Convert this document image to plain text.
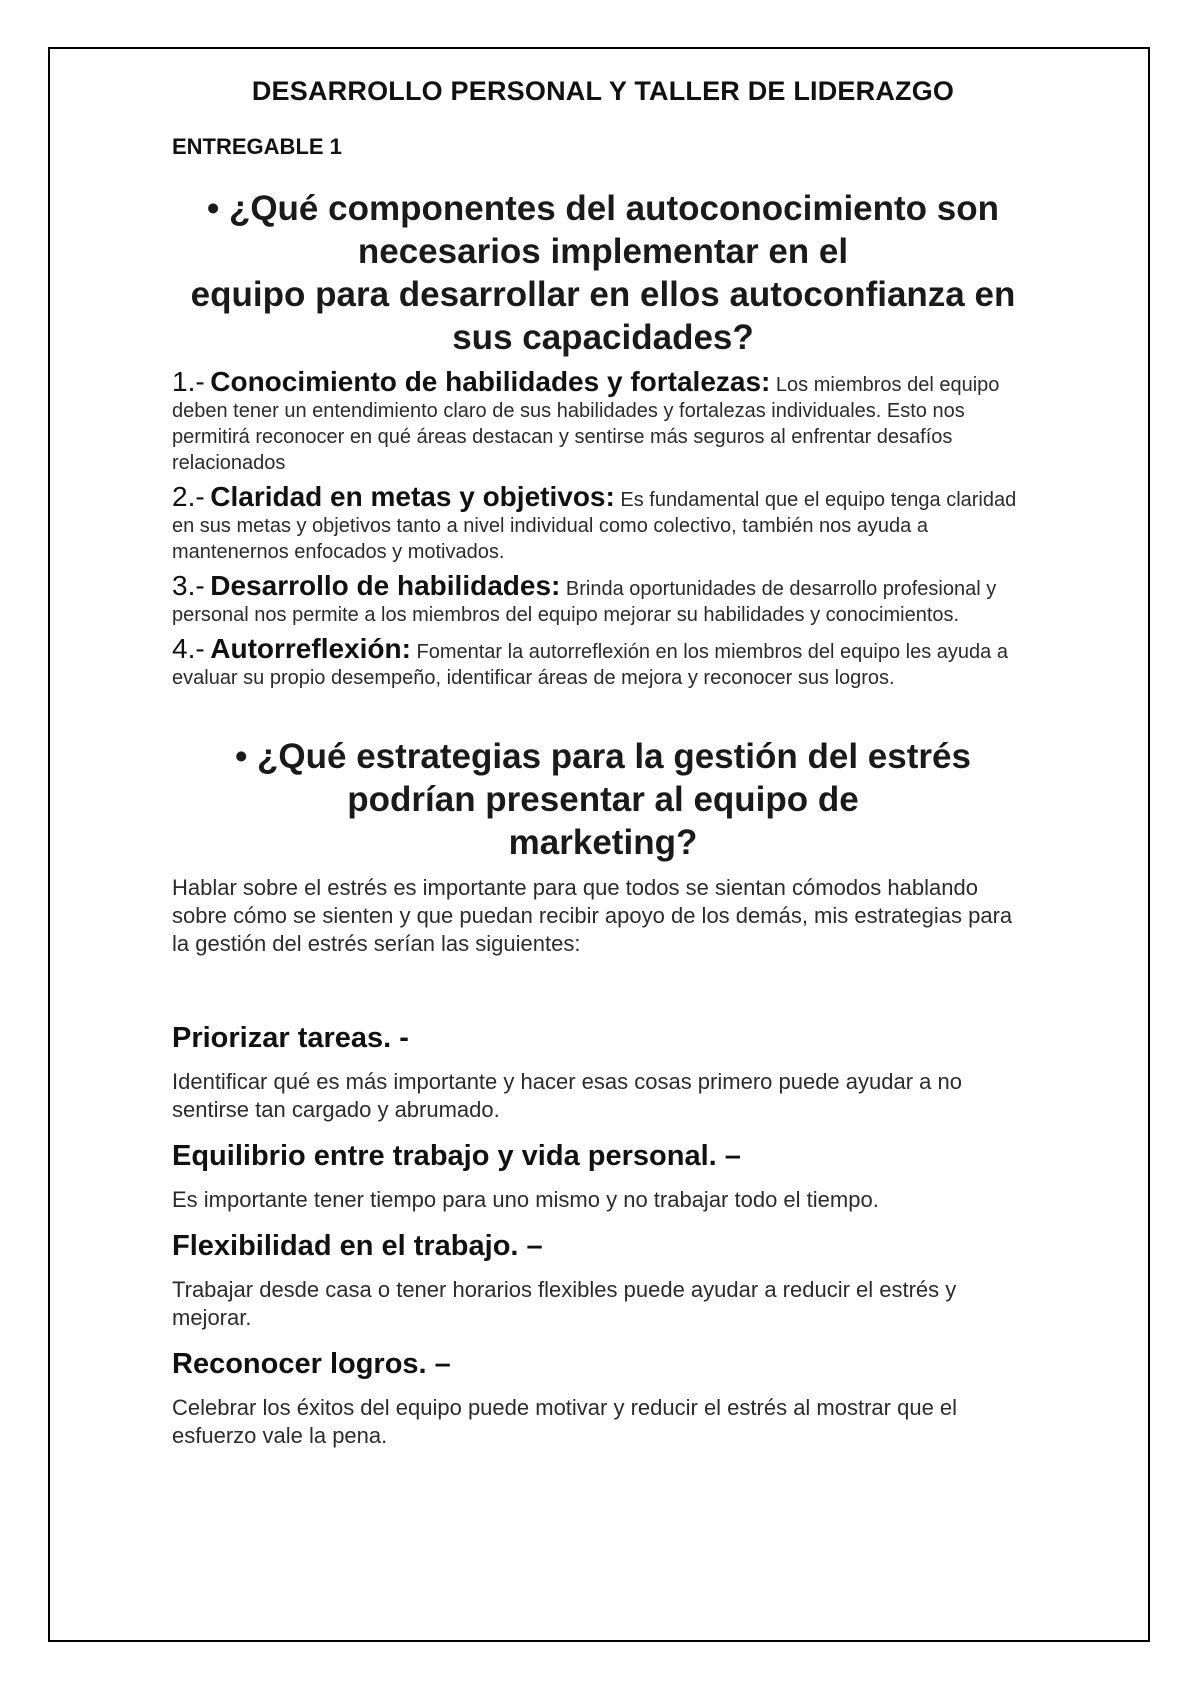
DESARROLLO PERSONAL Y TALLER DE LIDERAZGO
ENTREGABLE 1
• ¿Qué componentes del autoconocimiento son
necesarios implementar en el
equipo para desarrollar en ellos autoconfianza en
sus capacidades?

1.- Conocimiento de habilidades y fortalezas: Los miembros del equipo deben tener un entendimiento claro de sus habilidades y fortalezas individuales. Esto nos permitirá reconocer en qué áreas destacan y sentirse más seguros al enfrentar desafíos relacionados

2.- Claridad en metas y objetivos: Es fundamental que el equipo tenga claridad en sus metas y objetivos tanto a nivel individual como colectivo, también nos ayuda a mantenernos enfocados y motivados.

3.- Desarrollo de habilidades: Brinda oportunidades de desarrollo profesional y personal nos permite a los miembros del equipo mejorar su habilidades y conocimientos.

4.- Autorreflexión: Fomentar la autorreflexión en los miembros del equipo les ayuda a evaluar su propio desempeño, identificar áreas de mejora y reconocer sus logros.

• ¿Qué estrategias para la gestión del estrés
podrían presentar al equipo de
marketing?

Hablar sobre el estrés es importante para que todos se sientan cómodos hablando sobre cómo se sienten y que puedan recibir apoyo de los demás, mis estrategias para la gestión del estrés serían las siguientes:

Priorizar tareas. -

Identificar qué es más importante y hacer esas cosas primero puede ayudar a no sentirse tan cargado y abrumado.

Equilibrio entre trabajo y vida personal. –

Es importante tener tiempo para uno mismo y no trabajar todo el tiempo.

Flexibilidad en el trabajo. –

Trabajar desde casa o tener horarios flexibles puede ayudar a reducir el estrés y mejorar.

Reconocer logros. –

Celebrar los éxitos del equipo puede motivar y reducir el estrés al mostrar que el esfuerzo vale la pena.
